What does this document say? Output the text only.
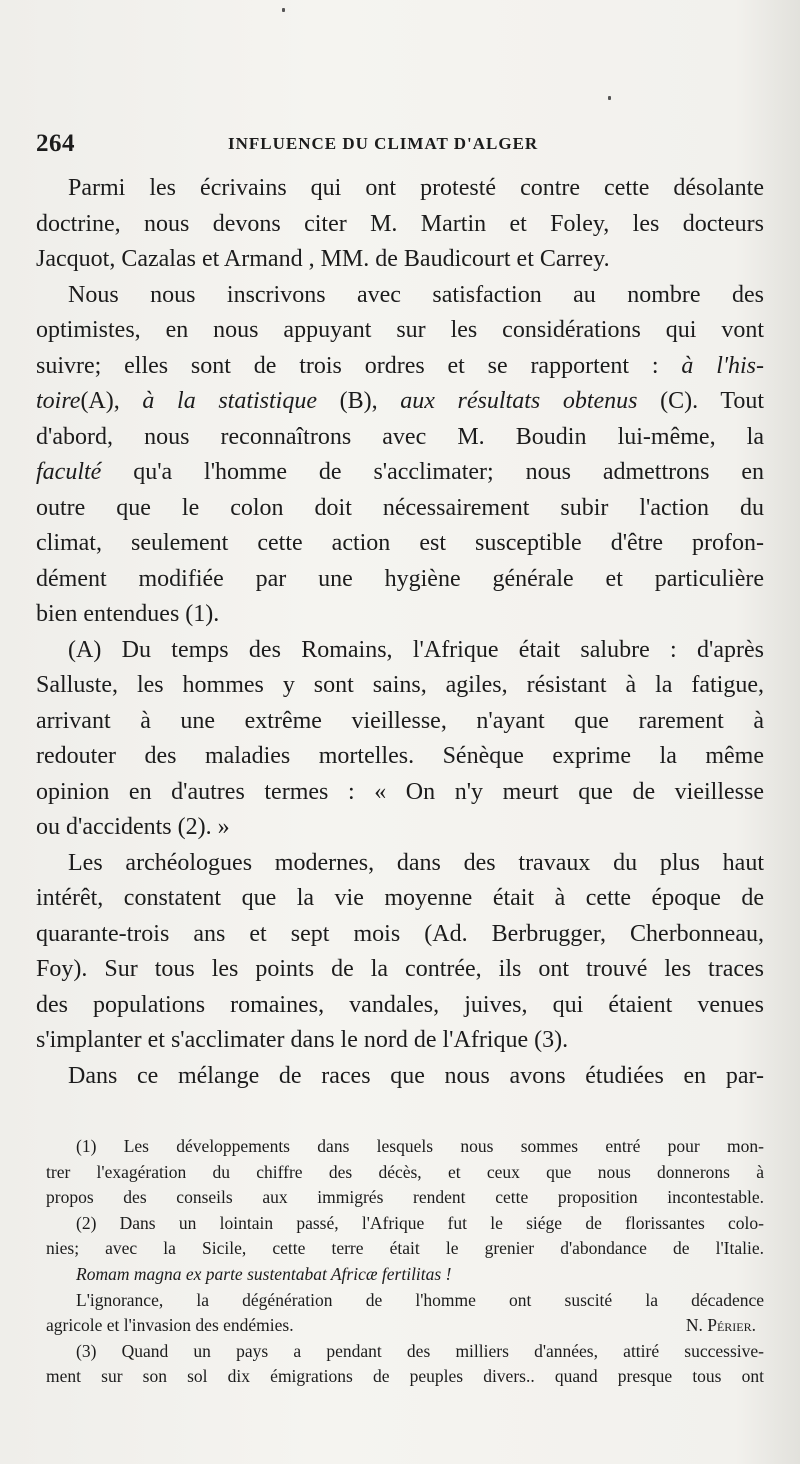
264	INFLUENCE DU CLIMAT D'ALGER
Parmi les écrivains qui ont protesté contre cette désolante
doctrine, nous devons citer M. Martin et Foley, les docteurs
Jacquot, Cazalas et Armand , MM. de Baudicourt et Carrey.
Nous nous inscrivons avec satisfaction au nombre des
optimistes, en nous appuyant sur les considérations qui vont
suivre; elles sont de trois ordres et se rapportent : à l'his-
toire(A), à la statistique (B), aux résultats obtenus (C). Tout
d'abord, nous reconnaîtrons avec M. Boudin lui-même, la
faculté qu'a l'homme de s'acclimater; nous admettrons en
outre que le colon doit nécessairement subir l'action du
climat, seulement cette action est susceptible d'être profon-
dément modifiée par une hygiène générale et particulière
bien entendues (1).
(A) Du temps des Romains, l'Afrique était salubre : d'après
Salluste, les hommes y sont sains, agiles, résistant à la fatigue,
arrivant à une extrême vieillesse, n'ayant que rarement à
redouter des maladies mortelles. Sénèque exprime la même
opinion en d'autres termes : « On n'y meurt que de vieillesse
ou d'accidents (2). »
Les archéologues modernes, dans des travaux du plus haut
intérêt, constatent que la vie moyenne était à cette époque de
quarante-trois ans et sept mois (Ad. Berbrugger, Cherbonneau,
Foy). Sur tous les points de la contrée, ils ont trouvé les traces
des populations romaines, vandales, juives, qui étaient venues
s'implanter et s'acclimater dans le nord de l'Afrique (3).
Dans ce mélange de races que nous avons étudiées en par-
(1) Les développements dans lesquels nous sommes entré pour mon-
trer l'exagération du chiffre des décès, et ceux que nous donnerons à
propos des conseils aux immigrés rendent cette proposition incontestable.
(2) Dans un lointain passé, l'Afrique fut le siége de florissantes colo-
nies; avec la Sicile, cette terre était le grenier d'abondance de l'Italie.
Romam magna ex parte sustentabat Africæ fertilitas !
L'ignorance, la dégénération de l'homme ont suscité la décadence
agricole et l'invasion des endémies.	N. Périer.
(3) Quand un pays a pendant des milliers d'années, attiré successive-
ment sur son sol dix émigrations de peuples divers.. quand presque tous ont
